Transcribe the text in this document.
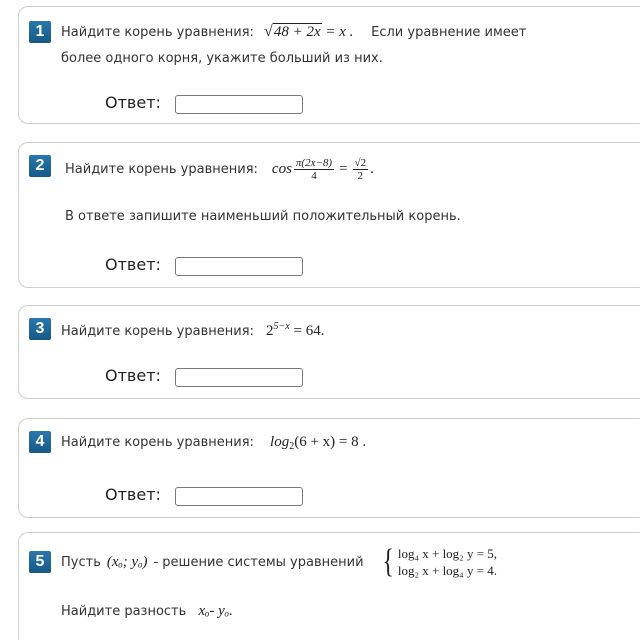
1	Найдите корень уравнения: √48 + 2x = x . Если уравнение имеет
более одного корня, укажите больший из них.
Ответ:
2	Найдите корень уравнения: $\cos \frac{\pi(2x-8)}{4} = \frac{√2}{2}$ .
В ответе запишите наименьший положительный корень.
Ответ:
3	Найдите корень уравнения: $2^{5-x} = 64$.
Ответ:
4	Найдите корень уравнения: $\log_2(6 + x) = 8$ .
Ответ:
5	Пусть (xₒ; yₒ) - решение системы уравнений { log₄ x + log₂ y = 5,
log₂ x + log₄ y = 4.
Найдите разность xₒ- yₒ.
